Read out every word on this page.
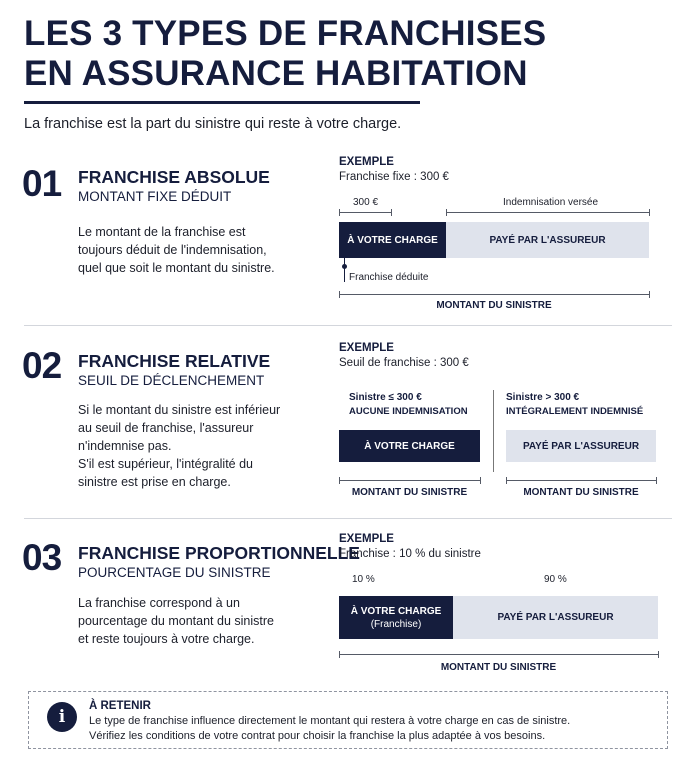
LES 3 TYPES DE FRANCHISES
EN ASSURANCE HABITATION
La franchise est la part du sinistre qui reste à votre charge.
01 FRANCHISE ABSOLUE
MONTANT FIXE DÉDUIT
Le montant de la franchise est
toujours déduit de l'indemnisation,
quel que soit le montant du sinistre.
EXEMPLE
Franchise fixe : 300 €
300 €	Indemnisation versée
À VOTRE CHARGE	PAYÉ PAR L'ASSUREUR
Franchise déduite
MONTANT DU SINISTRE
02 FRANCHISE RELATIVE
SEUIL DE DÉCLENCHEMENT
Si le montant du sinistre est inférieur
au seuil de franchise, l'assureur
n'indemnise pas.
S'il est supérieur, l'intégralité du
sinistre est prise en charge.
EXEMPLE
Seuil de franchise : 300 €
Sinistre ≤ 300 €
AUCUNE INDEMNISATION
À VOTRE CHARGE
MONTANT DU SINISTRE
Sinistre > 300 €
INTÉGRALEMENT INDEMNISÉ
PAYÉ PAR L'ASSUREUR
MONTANT DU SINISTRE
03 FRANCHISE PROPORTIONNELLE
POURCENTAGE DU SINISTRE
La franchise correspond à un
pourcentage du montant du sinistre
et reste toujours à votre charge.
EXEMPLE
Franchise : 10 % du sinistre
10 %	90 %
À VOTRE CHARGE
(Franchise)
PAYÉ PAR L'ASSUREUR
MONTANT DU SINISTRE
i
À RETENIR
Le type de franchise influence directement le montant qui restera à votre charge en cas de sinistre.
Vérifiez les conditions de votre contrat pour choisir la franchise la plus adaptée à vos besoins.
